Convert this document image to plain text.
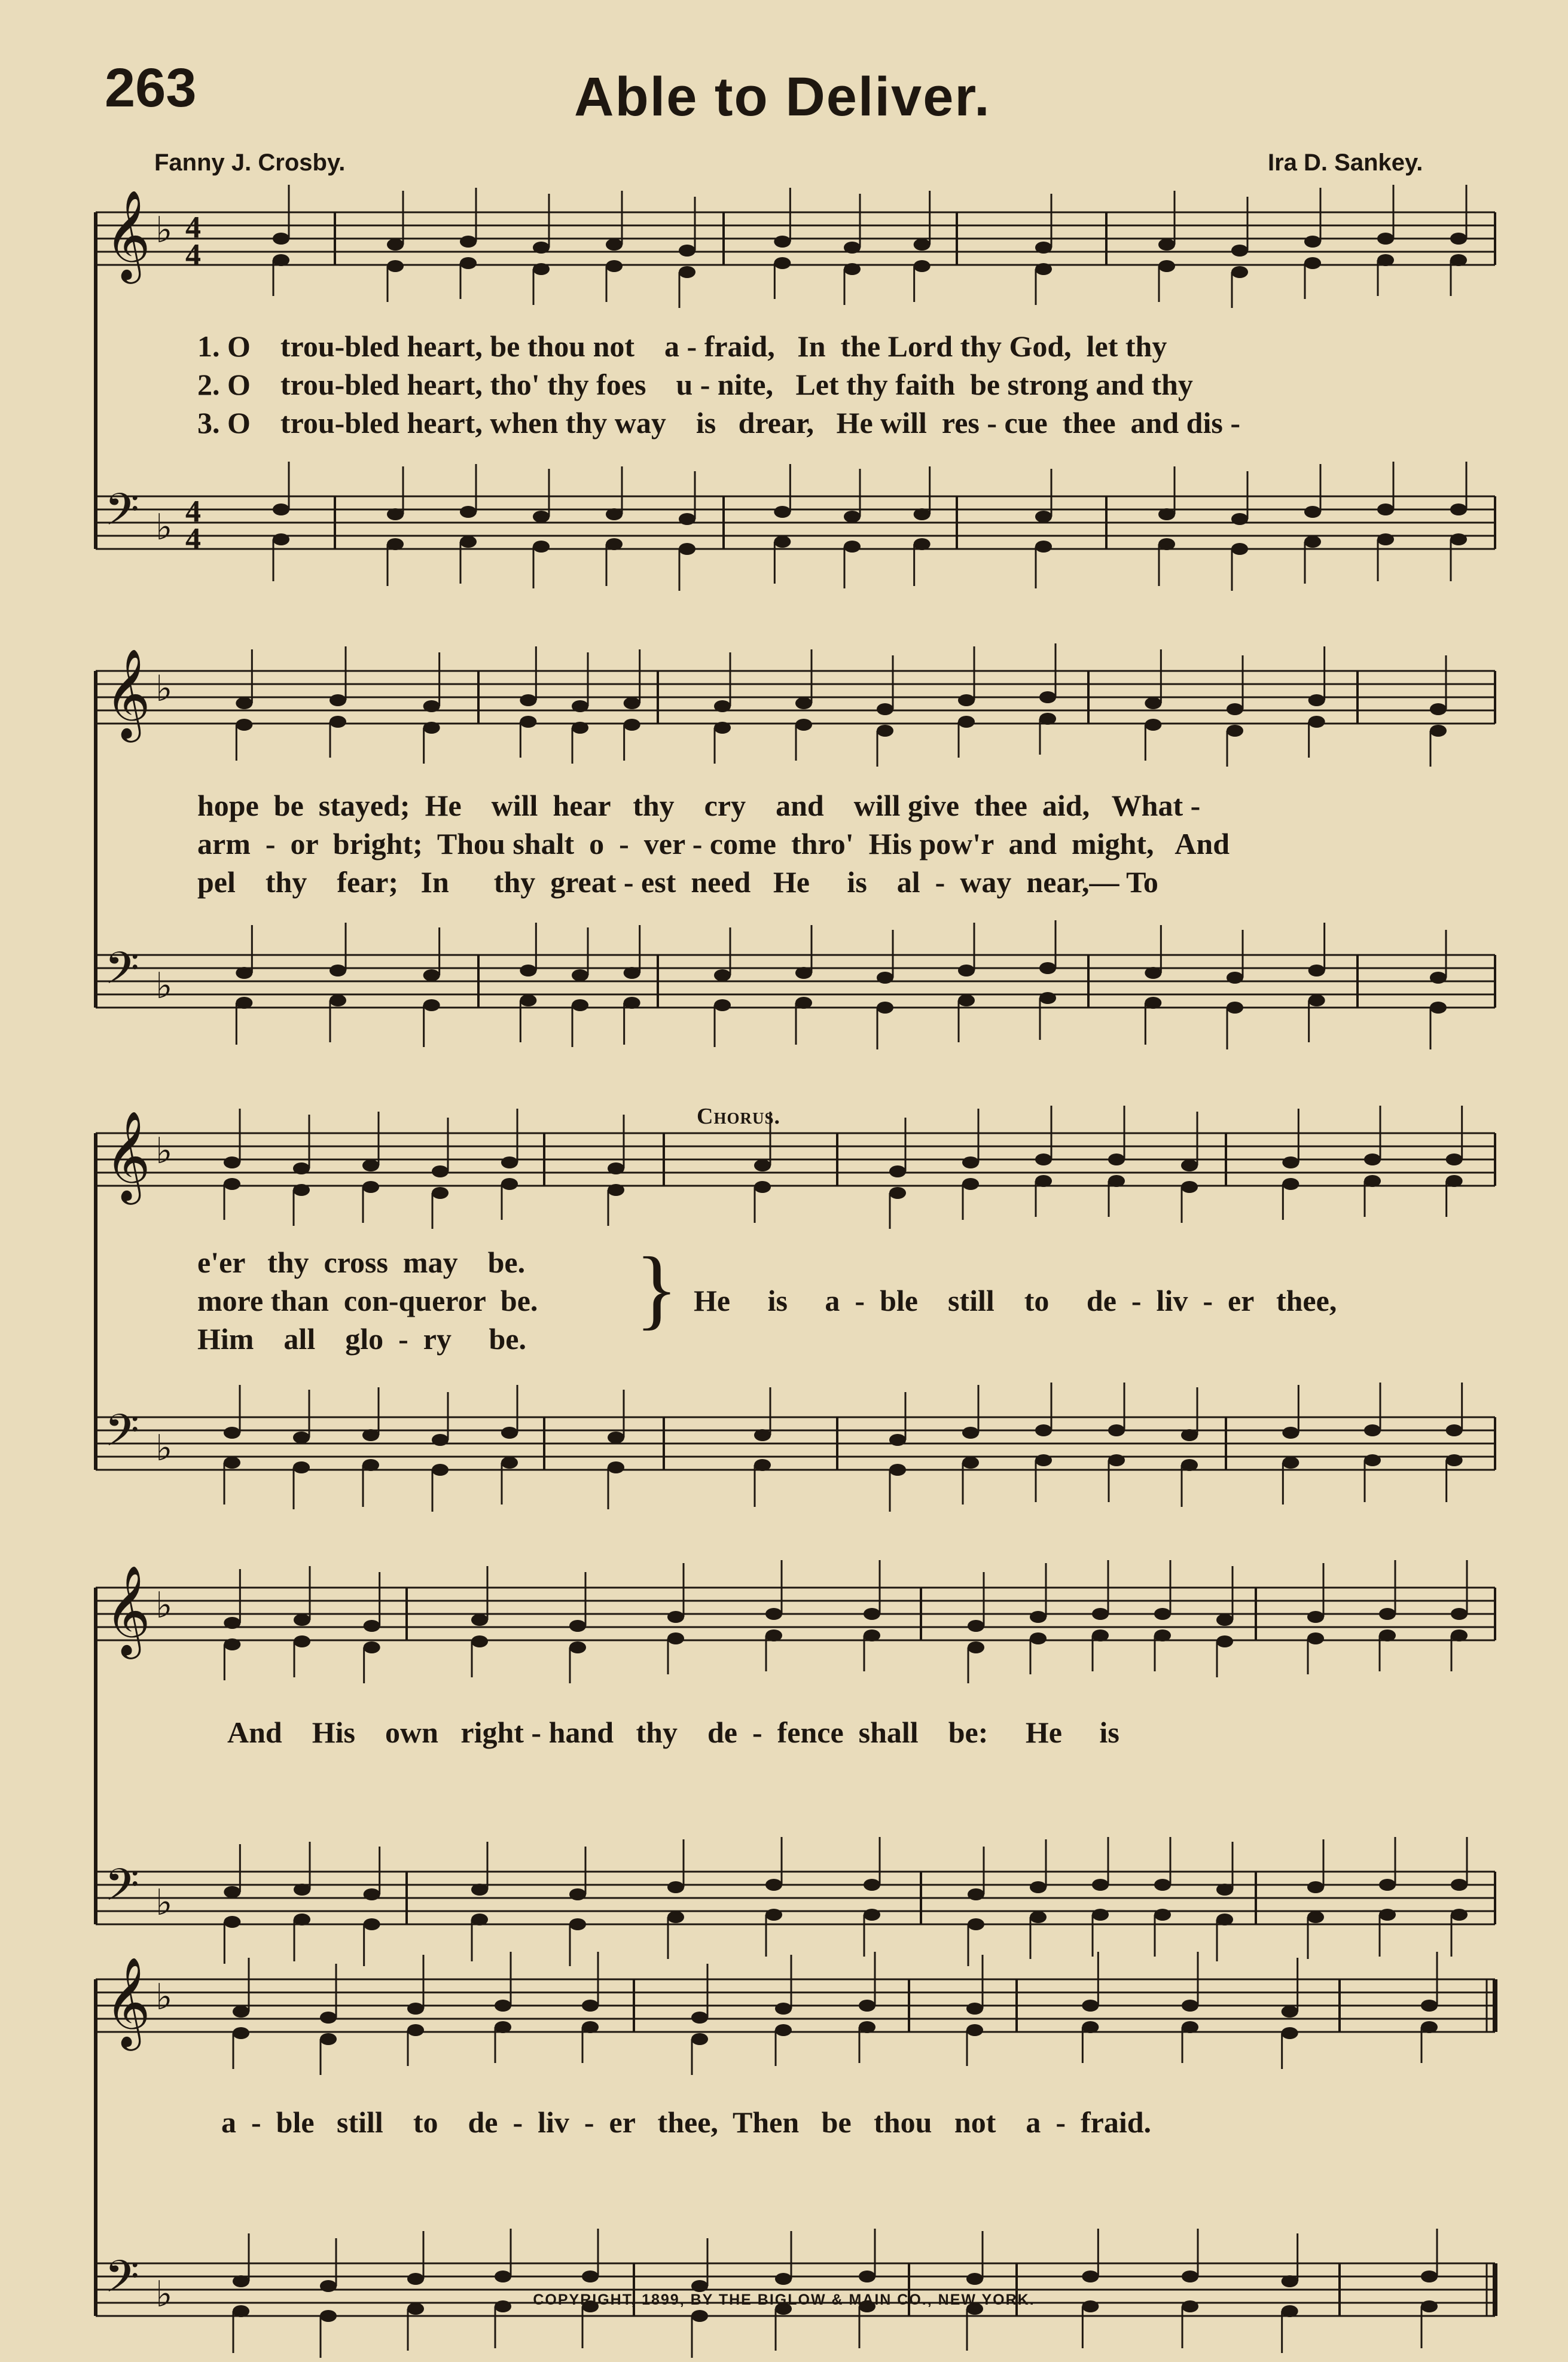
263	Able to Deliver.
Fanny J. Crosby.	Ira D. Sankey.
𝄞
𝄢
♭
♭
4
4
4
4
𝄞
𝄢
♭
♭
𝄞
𝄢
♭
♭
𝄞
𝄢
♭
♭
𝄞
𝄢
♭
♭
1. O    trou-bled heart, be thou not    a - fraid,   In  the Lord thy God,  let thy
2. O    trou-bled heart, tho' thy foes    u - nite,   Let thy faith  be strong and thy
3. O    trou-bled heart, when thy way    is   drear,   He will  res - cue  thee  and dis -
hope  be  stayed;  He    will  hear   thy    cry    and    will give  thee  aid,   What -
arm  -  or  bright;  Thou shalt  o  -  ver - come  thro'  His pow'r  and  might,   And
pel    thy    fear;   In      thy  great - est  need   He     is    al  -  way  near,— To
Chorus.
e'er   thy  cross  may    be.
more than  con-queror  be.
Him    all    glo  -  ry     be.
} He     is     a  -  ble    still    to     de  -  liv  -  er   thee,
And    His    own   right - hand   thy    de  -  fence  shall    be:     He     is
a  -  ble   still    to    de  -  liv  -  er   thee,  Then   be   thou   not    a  -  fraid.
COPYRIGHT, 1899, BY THE BIGLOW & MAIN CO., NEW YORK.
